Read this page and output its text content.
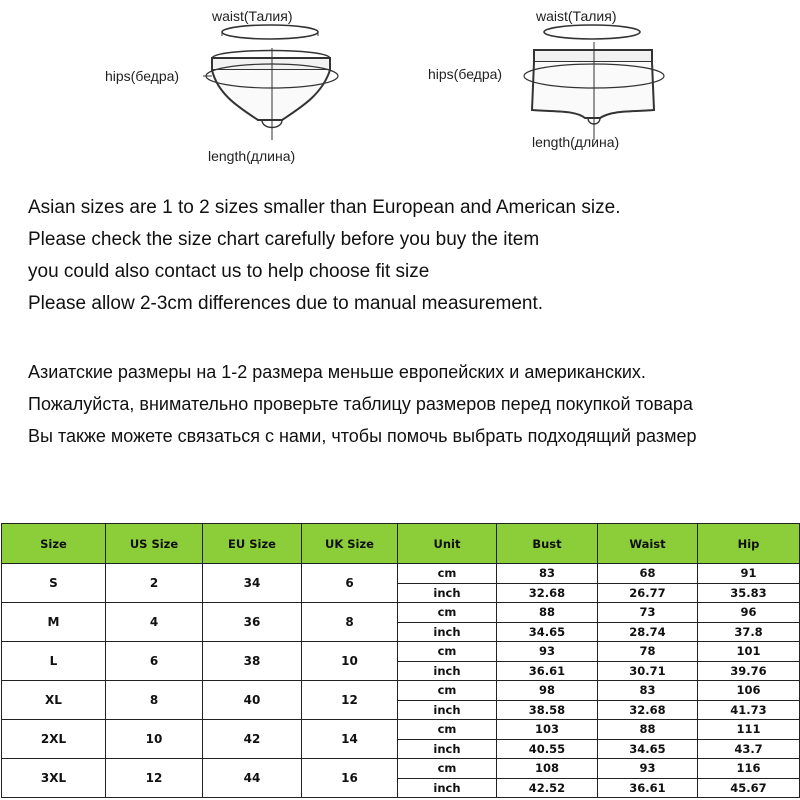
waist(Талия)
hips(бедра)
length(длина)
waist(Талия)
hips(бедра)
length(длина)
Asian sizes are 1 to 2 sizes smaller than European and American size.
Please check the size chart carefully before you buy the item
you could also contact us to help choose fit size
Please allow 2-3cm differences due to manual measurement.
Азиатские размеры на 1-2 размера меньше европейских и американских.
Пожалуйста, внимательно проверьте таблицу размеров перед покупкой товара
Вы также можете связаться с нами, чтобы помочь выбрать подходящий размер
Size	US Size	EU Size	UK Size	Unit	Bust	Waist	Hip
S	2	34	6	cm	83	68	91
				inch	32.68	26.77	35.83
M	4	36	8	cm	88	73	96
				inch	34.65	28.74	37.8
L	6	38	10	cm	93	78	101
				inch	36.61	30.71	39.76
XL	8	40	12	cm	98	83	106
				inch	38.58	32.68	41.73
2XL	10	42	14	cm	103	88	111
				inch	40.55	34.65	43.7
3XL	12	44	16	cm	108	93	116
				inch	42.52	36.61	45.67
